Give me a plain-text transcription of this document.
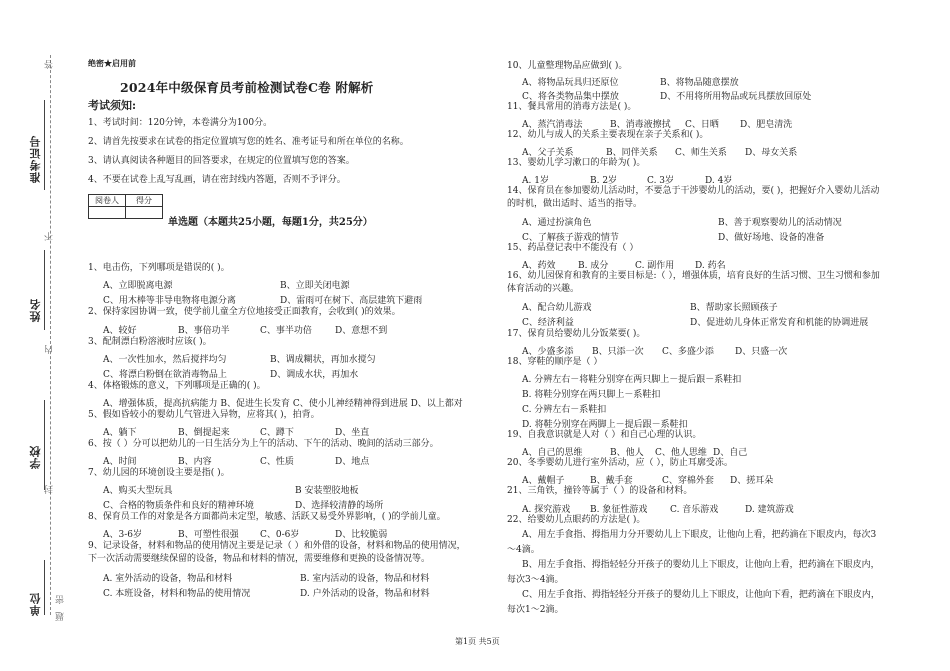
准考证号
姓名
学校
单位
答
不
内
封
密
题
绝密★启用前
2024年中级保育员考前检测试卷C卷 附解析
考试须知:
1、考试时间：120分钟，本卷满分为100分。
2、请首先按要求在试卷的指定位置填写您的姓名、准考证号和所在单位的名称。
3、请认真阅读各种题目的回答要求，在规定的位置填写您的答案。
4、不要在试卷上乱写乱画，请在密封线内答题，否则不予评分。
阅卷人	得分

单选题（本题共25小题，每题1分，共25分）
1、电击伤，下列哪项是错误的( )。
A、立即脱离电源	B、立即关闭电源
C、用木棒等非导电物将电源分离	D、雷雨可在树下、高层建筑下避雨
2、保持家园协调一致，使学前儿童全方位地接受正面教育，会收到( )的效果。
A、较好	B、事倍功半	C、事半功倍	D、意想不到
3、配制漂白粉溶液时应该( )。
A、一次性加水，然后搅拌均匀	B、调成糊状，再加水搅匀
C、将漂白粉倒在欲消毒物品上	D、调成水状，再加水
4、体格锻炼的意义，下列哪项是正确的( )。
A、增强体质，提高抗病能力 B、促进生长发育 C、使小儿神经精神得到进展 D、以上都对
5、假如昏较小的婴幼儿气管进入异物，应将其( )，拍背。
A、躺下	B、倒提起来	C、蹲下	D、坐直
6、按（ ）分可以把幼儿的一日生活分为上午的活动、下午的活动、晚间的活动三部分。
A、时间	B、内容	C、性质	D、地点
7、幼儿园的环境创设主要是指( )。
A、购买大型玩具	B 安装塑胶地板
C、合格的物质条件和良好的精神环境	D、选择较清静的场所
8、保育员工作的对象是各方面都尚未定型，敏感、活跃又易受外界影响，( )的学前儿童。
A、3-6岁	B、可塑性很强 C、0-6岁	D、比较脆弱
9、记录设备，材料和物品的使用情况主要是记录（ ）和外借的设备，材料和物品的使用情况，下一次活动需要继续保留的设备，物品和材料的情况，需要维修和更换的设备情况等。
A. 室外活动的设备，物品和材料	B. 室内活动的设备，物品和材料
C. 本班设备，材料和物品的使用情况	D. 户外活动的设备，物品和材料
10、儿童整理物品应做到( )。
A、将物品玩具归还原位	B、将物品随意摆放
C、将各类物品集中摆放	D、不用将所用物品或玩具摆放回原处
11、餐具常用的消毒方法是( )。
A、蒸汽消毒法	B、消毒液擦拭 C、日晒 D、肥皂清洗
12、幼儿与成人的关系主要表现在亲子关系和( )。
A、父子关系	B、同伴关系 C、师生关系 D、母女关系
13、婴幼儿学习漱口的年龄为( )。
A. 1岁	B. 2岁	C. 3岁	D. 4岁
14、保育员在参加婴幼儿活动时，不要急于干涉婴幼儿的活动，要( )，把握好介入婴幼儿活动的时机，做出适时、适当的指导。
A、通过扮演角色	B、善于观察婴幼儿的活动情况
C、了解孩子游戏的情节	D、做好场地、设备的准备
15、药品登记表中不能没有（ ）
A、药效	B. 成分	C. 副作用 D. 药名
16、幼儿园保育和教育的主要目标是:（ ），增强体质，培育良好的生活习惯、卫生习惯和参加体育活动的兴趣。
A、配合幼儿游戏	B、帮助家长照顾孩子
C、经济利益	D、促进幼儿身体正常发育和机能的协调进展
17、保育员给婴幼儿分饭菜要( )。
A、少盛多添 B、只添一次 C、多盛少添 D、只盛一次
18、穿鞋的顺序是（ ）
A. 分辨左右－将鞋分别穿在两只脚上－提后跟－系鞋扣
B. 将鞋分别穿在两只脚上－系鞋扣
C. 分辨左右－系鞋扣
D. 将鞋分别穿在两脚上－提后跟－系鞋扣
19、自我意识就是人对（ ）和自己心理的认识。
A、自己的思维	B、他人 C、他人思维 D、自己
20、冬季婴幼儿进行室外活动，应（ ），防止耳廓受冻。
A、戴帽子	B、戴手套	C、穿棉外套 D、搓耳朵
21、三角铁，撞铃等属于（ ）的设备和材料。
A. 探究游戏 B. 象征性游戏	C. 音乐游戏	D. 建筑游戏
22、给婴幼儿点眼药的方法是( )。
A、用左手食指、拇指用力分开婴幼儿上下眼皮，让他向上看，把药滴在下眼皮内，每次3
～4滴。
B、用左手食指、拇指轻轻分开孩子的婴幼儿上下眼皮，让他向上看，把药滴在下眼皮内，
每次3～4滴。
C、用左手食指、拇指轻轻分开孩子的婴幼儿上下眼皮，让他向下看，把药滴在下眼皮内，
每次1～2滴。
第1页 共5页
